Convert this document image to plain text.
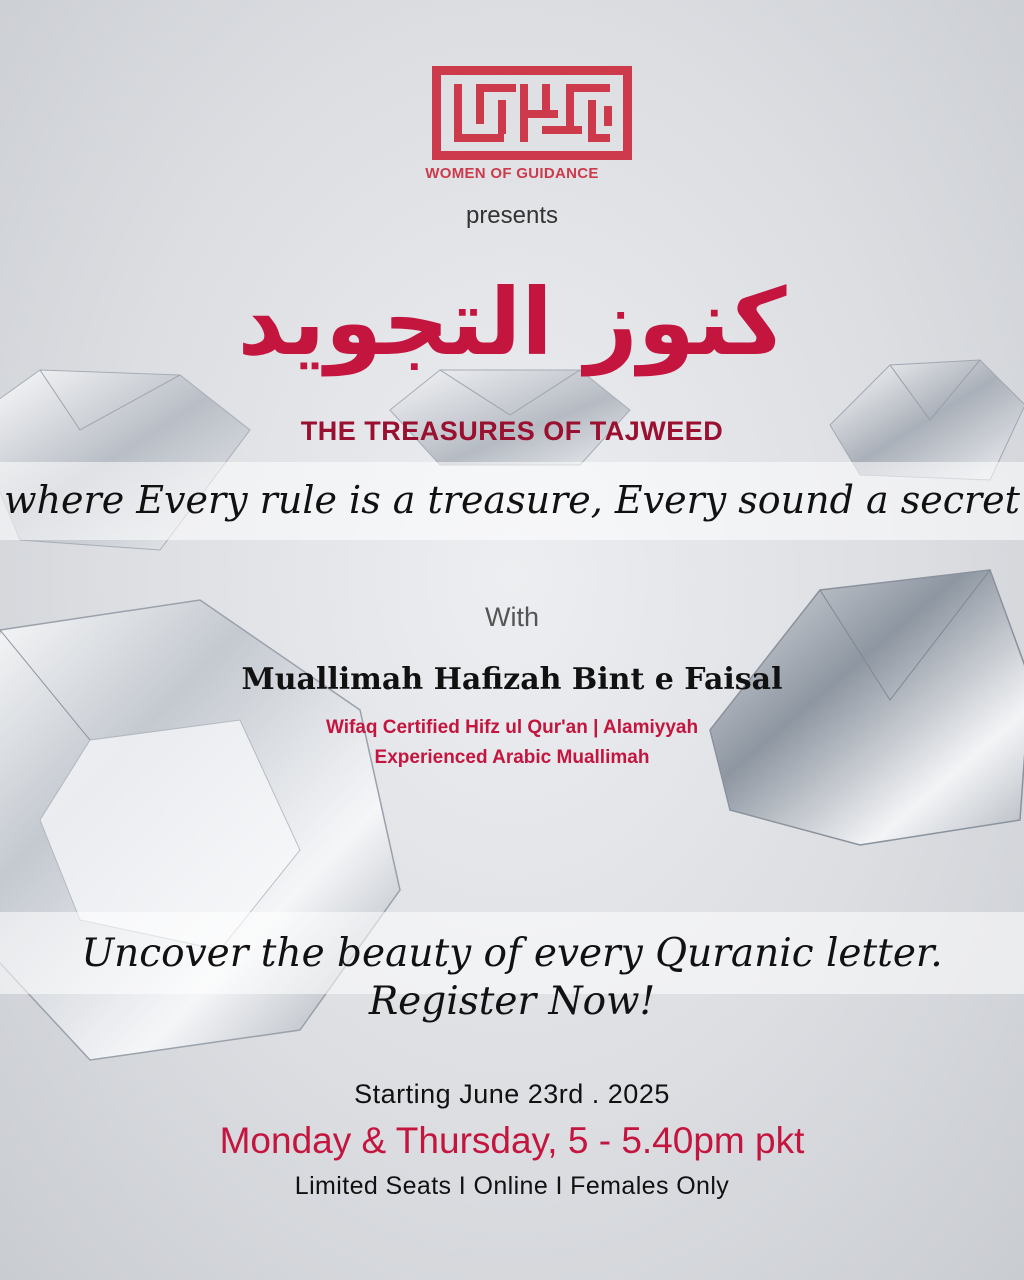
WOMEN OF GUIDANCE
presents
كنوز التجويد
THE TREASURES OF TAJWEED
where Every rule is a treasure, Every sound a secret
With
Muallimah Hafizah Bint e Faisal
Wifaq Certified Hifz ul Qur'an | Alamiyyah
Experienced Arabic Muallimah
Uncover the beauty of every Quranic letter. Register Now!
Starting June 23rd . 2025
Monday & Thursday, 5 - 5.40pm pkt
Limited Seats I Online I Females Only
